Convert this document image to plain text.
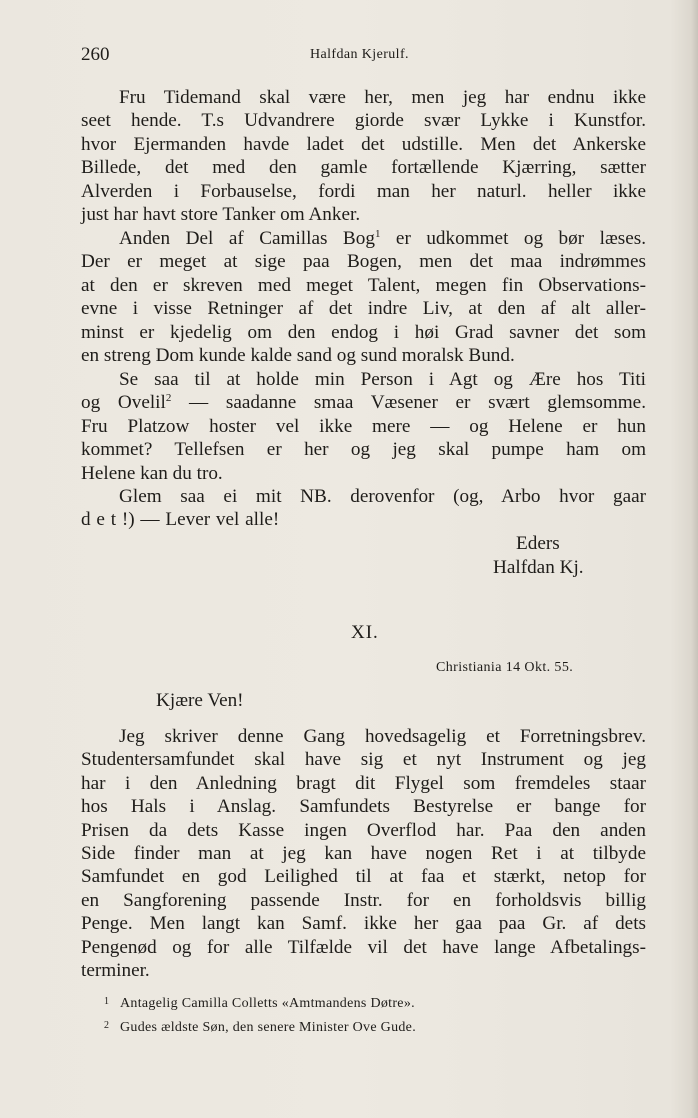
260	Halfdan Kjerulf.
Fru Tidemand skal være her, men jeg har endnu ikke
seet hende. T.s Udvandrere giorde svær Lykke i Kunstfor.
hvor Ejermanden havde ladet det udstille. Men det Ankerske
Billede, det med den gamle fortællende Kjærring, sætter
Alverden i Forbauselse, fordi man her naturl. heller ikke
just har havt store Tanker om Anker.
Anden Del af Camillas Bog$^1$ er udkommet og bør læses.
Der er meget at sige paa Bogen, men det maa indrømmes
at den er skreven med meget Talent, megen fin Observations-
evne i visse Retninger af det indre Liv, at den af alt aller-
minst er kjedelig om den endog i høi Grad savner det som
en streng Dom kunde kalde sand og sund moralsk Bund.
Se saa til at holde min Person i Agt og Ære hos Titi
og Ovelil$^2$ — saadanne smaa Væsener er svært glemsomme.
Fru Platzow hoster vel ikke mere — og Helene er hun
kommet? Tellefsen er her og jeg skal pumpe ham om
Helene kan du tro.
Glem saa ei mit NB. derovenfor (og, Arbo hvor gaar
d e t !) — Lever vel alle!
Eders
Halfdan Kj.
XI.
Christiania 14 Okt. 55.
Kjære Ven!
Jeg skriver denne Gang hovedsagelig et Forretningsbrev.
Studentersamfundet skal have sig et nyt Instrument og jeg
har i den Anledning bragt dit Flygel som fremdeles staar
hos Hals i Anslag. Samfundets Bestyrelse er bange for
Prisen da dets Kasse ingen Overflod har. Paa den anden
Side finder man at jeg kan have nogen Ret i at tilbyde
Samfundet en god Leilighed til at faa et stærkt, netop for
en Sangforening passende Instr. for en forholdsvis billig
Penge. Men langt kan Samf. ikke her gaa paa Gr. af dets
Pengenød og for alle Tilfælde vil det have lange Afbetalings-
terminer.
1 Antagelig Camilla Colletts «Amtmandens Døtre».
2 Gudes ældste Søn, den senere Minister Ove Gude.
